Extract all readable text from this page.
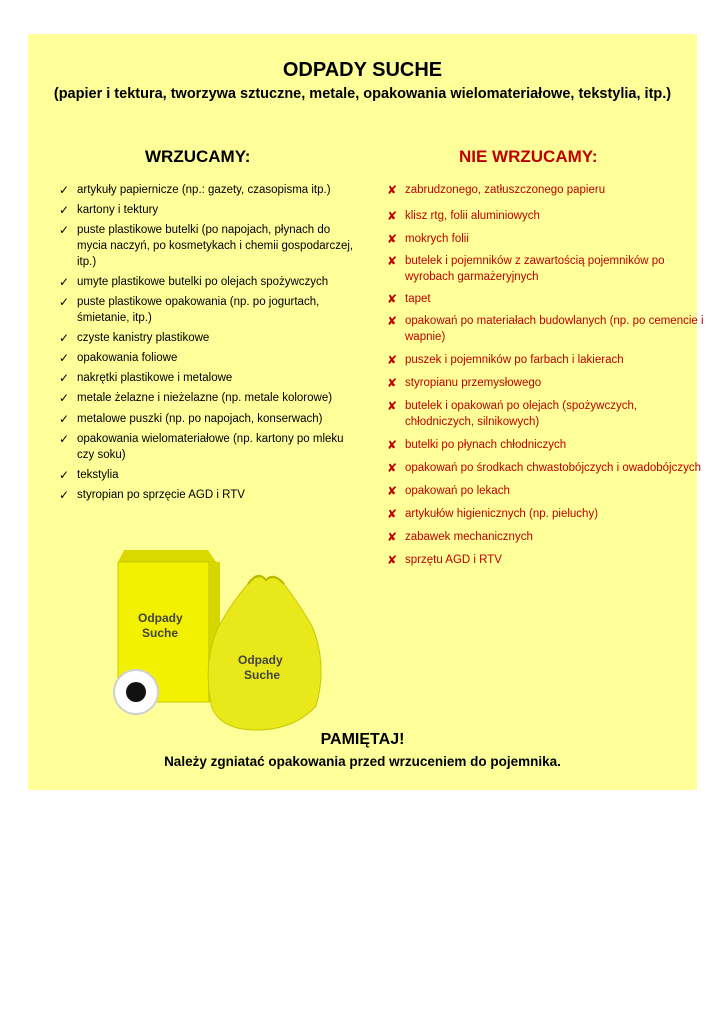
ODPADY SUCHE
(papier i tektura, tworzywa sztuczne, metale, opakowania wielomateriałowe, tekstylia, itp.)
WRZUCAMY:	NIE WRZUCAMY:
✓ artykuły papiernicze (np.: gazety, czasopisma itp.)
✓ kartony i tektury
✓ puste plastikowe butelki (po napojach, płynach do mycia naczyń, po kosmetykach i chemii gospodarczej, itp.)
✓ umyte plastikowe butelki po olejach spożywczych
✓ puste plastikowe opakowania (np. po jogurtach, śmietanie, itp.)
✓ czyste kanistry plastikowe
✓ opakowania foliowe
✓ nakrętki plastikowe i metalowe
✓ metale żelazne i nieżelazne (np. metale kolorowe)
✓ metalowe puszki (np. po napojach, konserwach)
✓ opakowania wielomateriałowe (np. kartony po mleku czy soku)
✓ tekstylia
✓ styropian po sprzęcie AGD i RTV
✘ zabrudzonego, zatłuszczonego papieru
✘ klisz rtg, folii aluminiowych
✘ mokrych folii
✘ butelek i pojemników z zawartością pojemników po wyrobach garmażeryjnych
✘ tapet
✘ opakowań po materiałach budowlanych (np. po cemencie i wapnie)
✘ puszek i pojemników po farbach i lakierach
✘ styropianu przemysłowego
✘ butelek i opakowań po olejach (spożywczych, chłodniczych, silnikowych)
✘ butelki po płynach chłodniczych
✘ opakowań po środkach chwastobójczych i owadobójczych
✘ opakowań po lekach
✘ artykułów higienicznych (np. pieluchy)
✘ zabawek mechanicznych
✘ sprzętu AGD i RTV
Odpady Suche
Odpady Suche
PAMIĘTAJ!
Należy zgniatać opakowania przed wrzuceniem do pojemnika.
